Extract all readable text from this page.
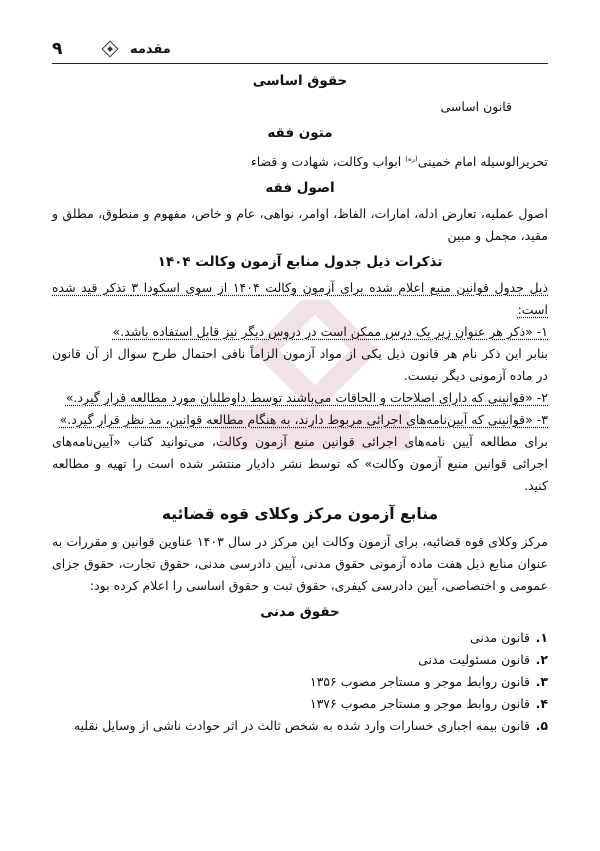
۹	مقدمه

حقوق اساسی

قانون اساسی

متون فقه

تحریرالوسیله امام خمینی$^{(ره)}$ ابواب وکالت، شهادت و قضاء

اصول فقه

اصول عملیه، تعارض ادله، امارات، الفاظ، اوامر، نواهی، عام و خاص، مفهوم و منطوق، مطلق و مقید، مجمل و مبین

تذکرات ذیل جدول منابع آزمون وکالت ۱۴۰۴

ذیل جدول قوانین منبع اعلام شده برای آزمون وکالت ۱۴۰۴ از سوی اسکودا ۳ تذکر قید شده است:

۱- «ذکر هر عنوان زیر یک درس ممکن است در دروس دیگر نیز قابل استفاده باشد.»

بنابر این ذکر نام هر قانون ذیل یکی از مواد آزمون الزاماً نافی احتمال طرح سوال از آن قانون در ماده آزمونی دیگر نیست.

۲- «قوانینی که دارای اصلاحات و الحاقات می‌باشند توسط داوطلبان مورد مطالعه قرار گیرد.»

۳- «قوانینی که آیین‌نامه‌های اجرائی مربوط دارند، به هنگام مطالعه قوانین، مد نظر قرار گیرد.»

برای مطالعه آیین نامه‌های اجرائی قوانین منبع آزمون وکالت، می‌توانید کتاب «آیین‌نامه‌های اجرائی قوانین منبع آزمون وکالت» که توسط نشر دادیار منتشر شده است را تهیه و مطالعه کنید.

منابع آزمون مرکز وکلای قوه قضائیه

مرکز وکلای قوه قضائیه، برای آزمون وکالت این مرکز در سال ۱۴۰۳ عناوین قوانین و مقررات به عنوان منابع ذیل هفت ماده آزمونی حقوق مدنی، آیین دادرسی مدنی، حقوق تجارت، حقوق جزای عمومی و اختصاصی، آیین دادرسی کیفری، حقوق ثبت و حقوق اساسی را اعلام کرده بود:

حقوق مدنی

۱.
قانون مدنی
۲.
قانون مسئولیت مدنی
۳.
قانون روابط موجر و مستاجر مصوب ۱۳۵۶
۴.
قانون روابط موجر و مستاجر مصوب ۱۳۷۶
۵.
قانون بیمه اجباری خسارات وارد شده به شخص ثالث در اثر حوادث ناشی از وسایل نقلیه
